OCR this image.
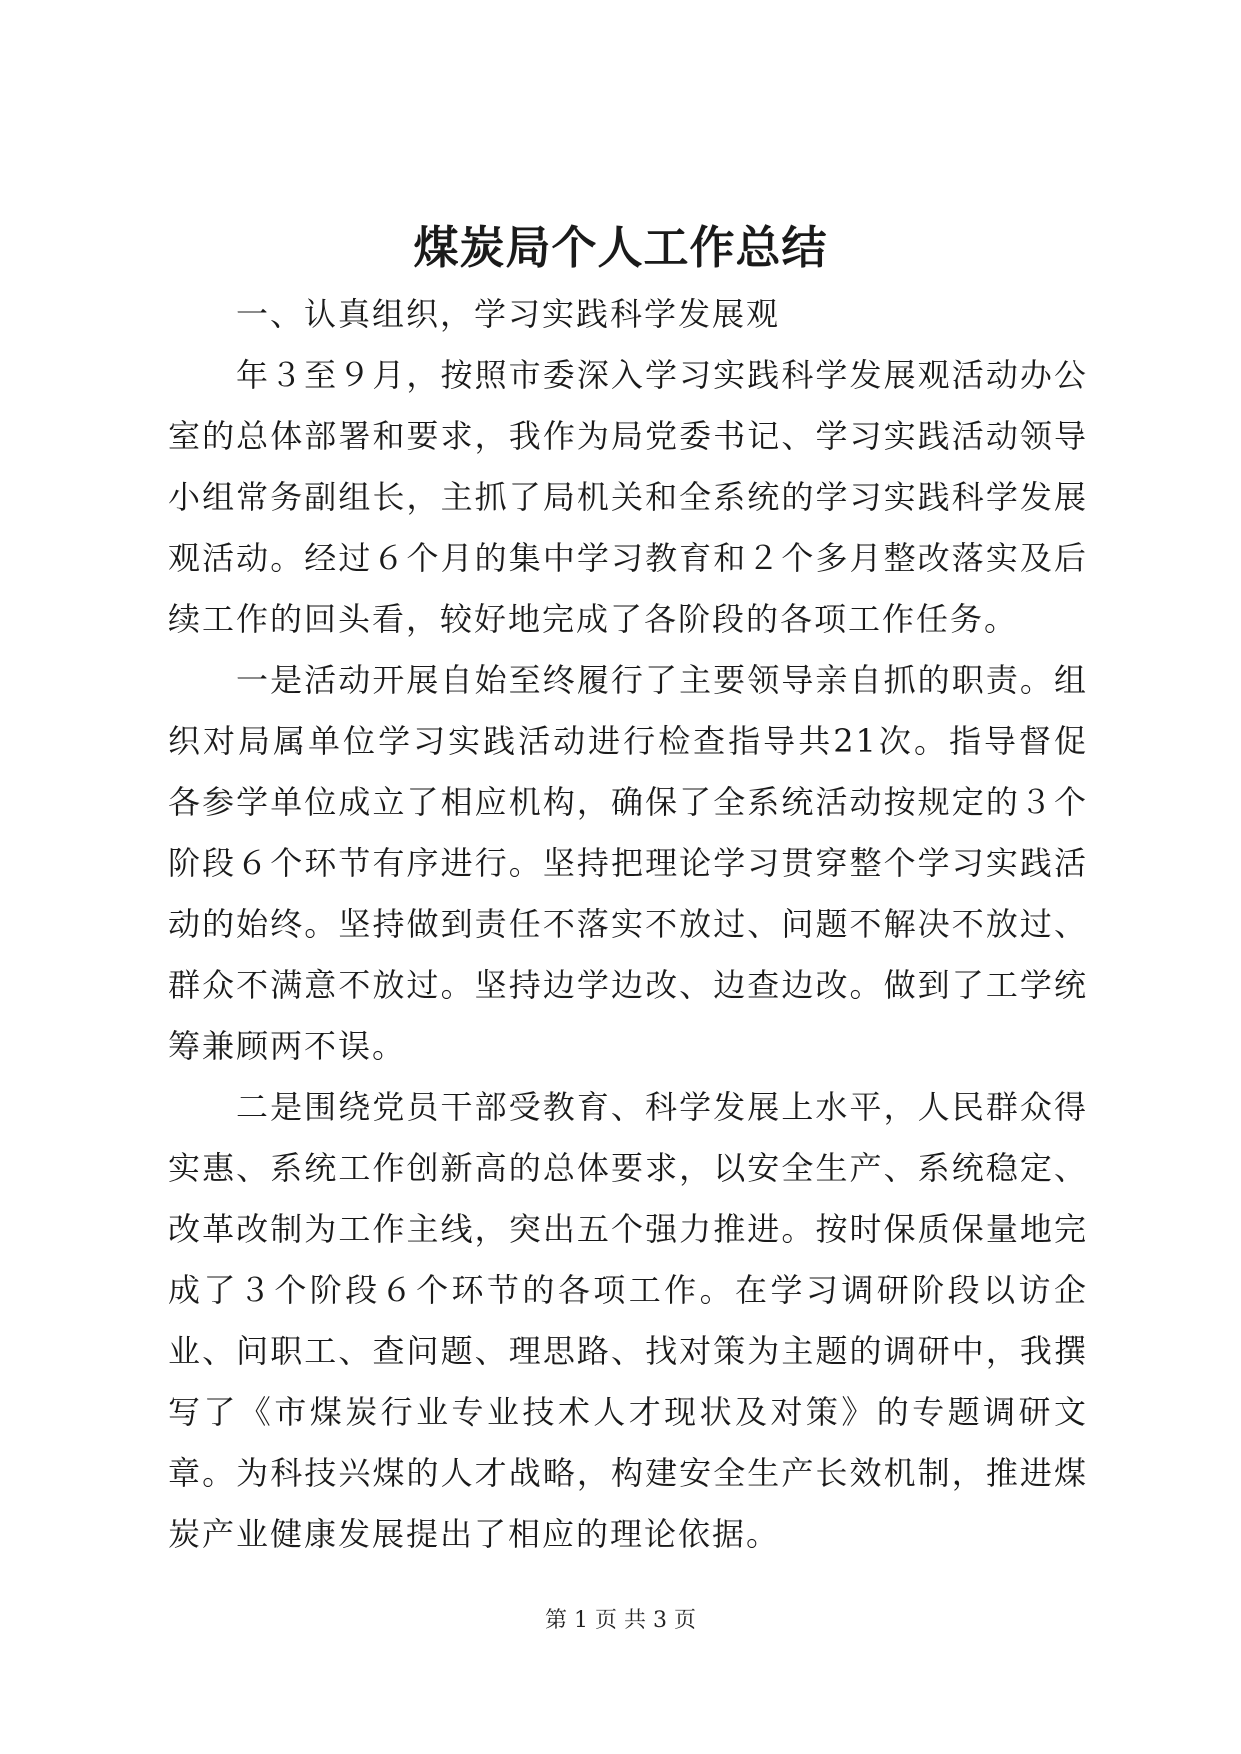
煤炭局个人工作总结

一、认真组织，学习实践科学发展观

年３至９月，按照市委深入学习实践科学发展观活动办公室的总体部署和要求，我作为局党委书记、学习实践活动领导小组常务副组长，主抓了局机关和全系统的学习实践科学发展观活动。经过６个月的集中学习教育和２个多月整改落实及后续工作的回头看，较好地完成了各阶段的各项工作任务。

一是活动开展自始至终履行了主要领导亲自抓的职责。组织对局属单位学习实践活动进行检查指导共21次。指导督促各参学单位成立了相应机构，确保了全系统活动按规定的３个阶段６个环节有序进行。坚持把理论学习贯穿整个学习实践活动的始终。坚持做到责任不落实不放过、问题不解决不放过、群众不满意不放过。坚持边学边改、边查边改。做到了工学统筹兼顾两不误。

二是围绕党员干部受教育、科学发展上水平，人民群众得实惠、系统工作创新高的总体要求，以安全生产、系统稳定、改革改制为工作主线，突出五个强力推进。按时保质保量地完成了３个阶段６个环节的各项工作。在学习调研阶段以访企业、问职工、查问题、理思路、找对策为主题的调研中，我撰写了《市煤炭行业专业技术人才现状及对策》的专题调研文章。为科技兴煤的人才战略，构建安全生产长效机制，推进煤炭产业健康发展提出了相应的理论依据。

第 1 页 共 3 页
